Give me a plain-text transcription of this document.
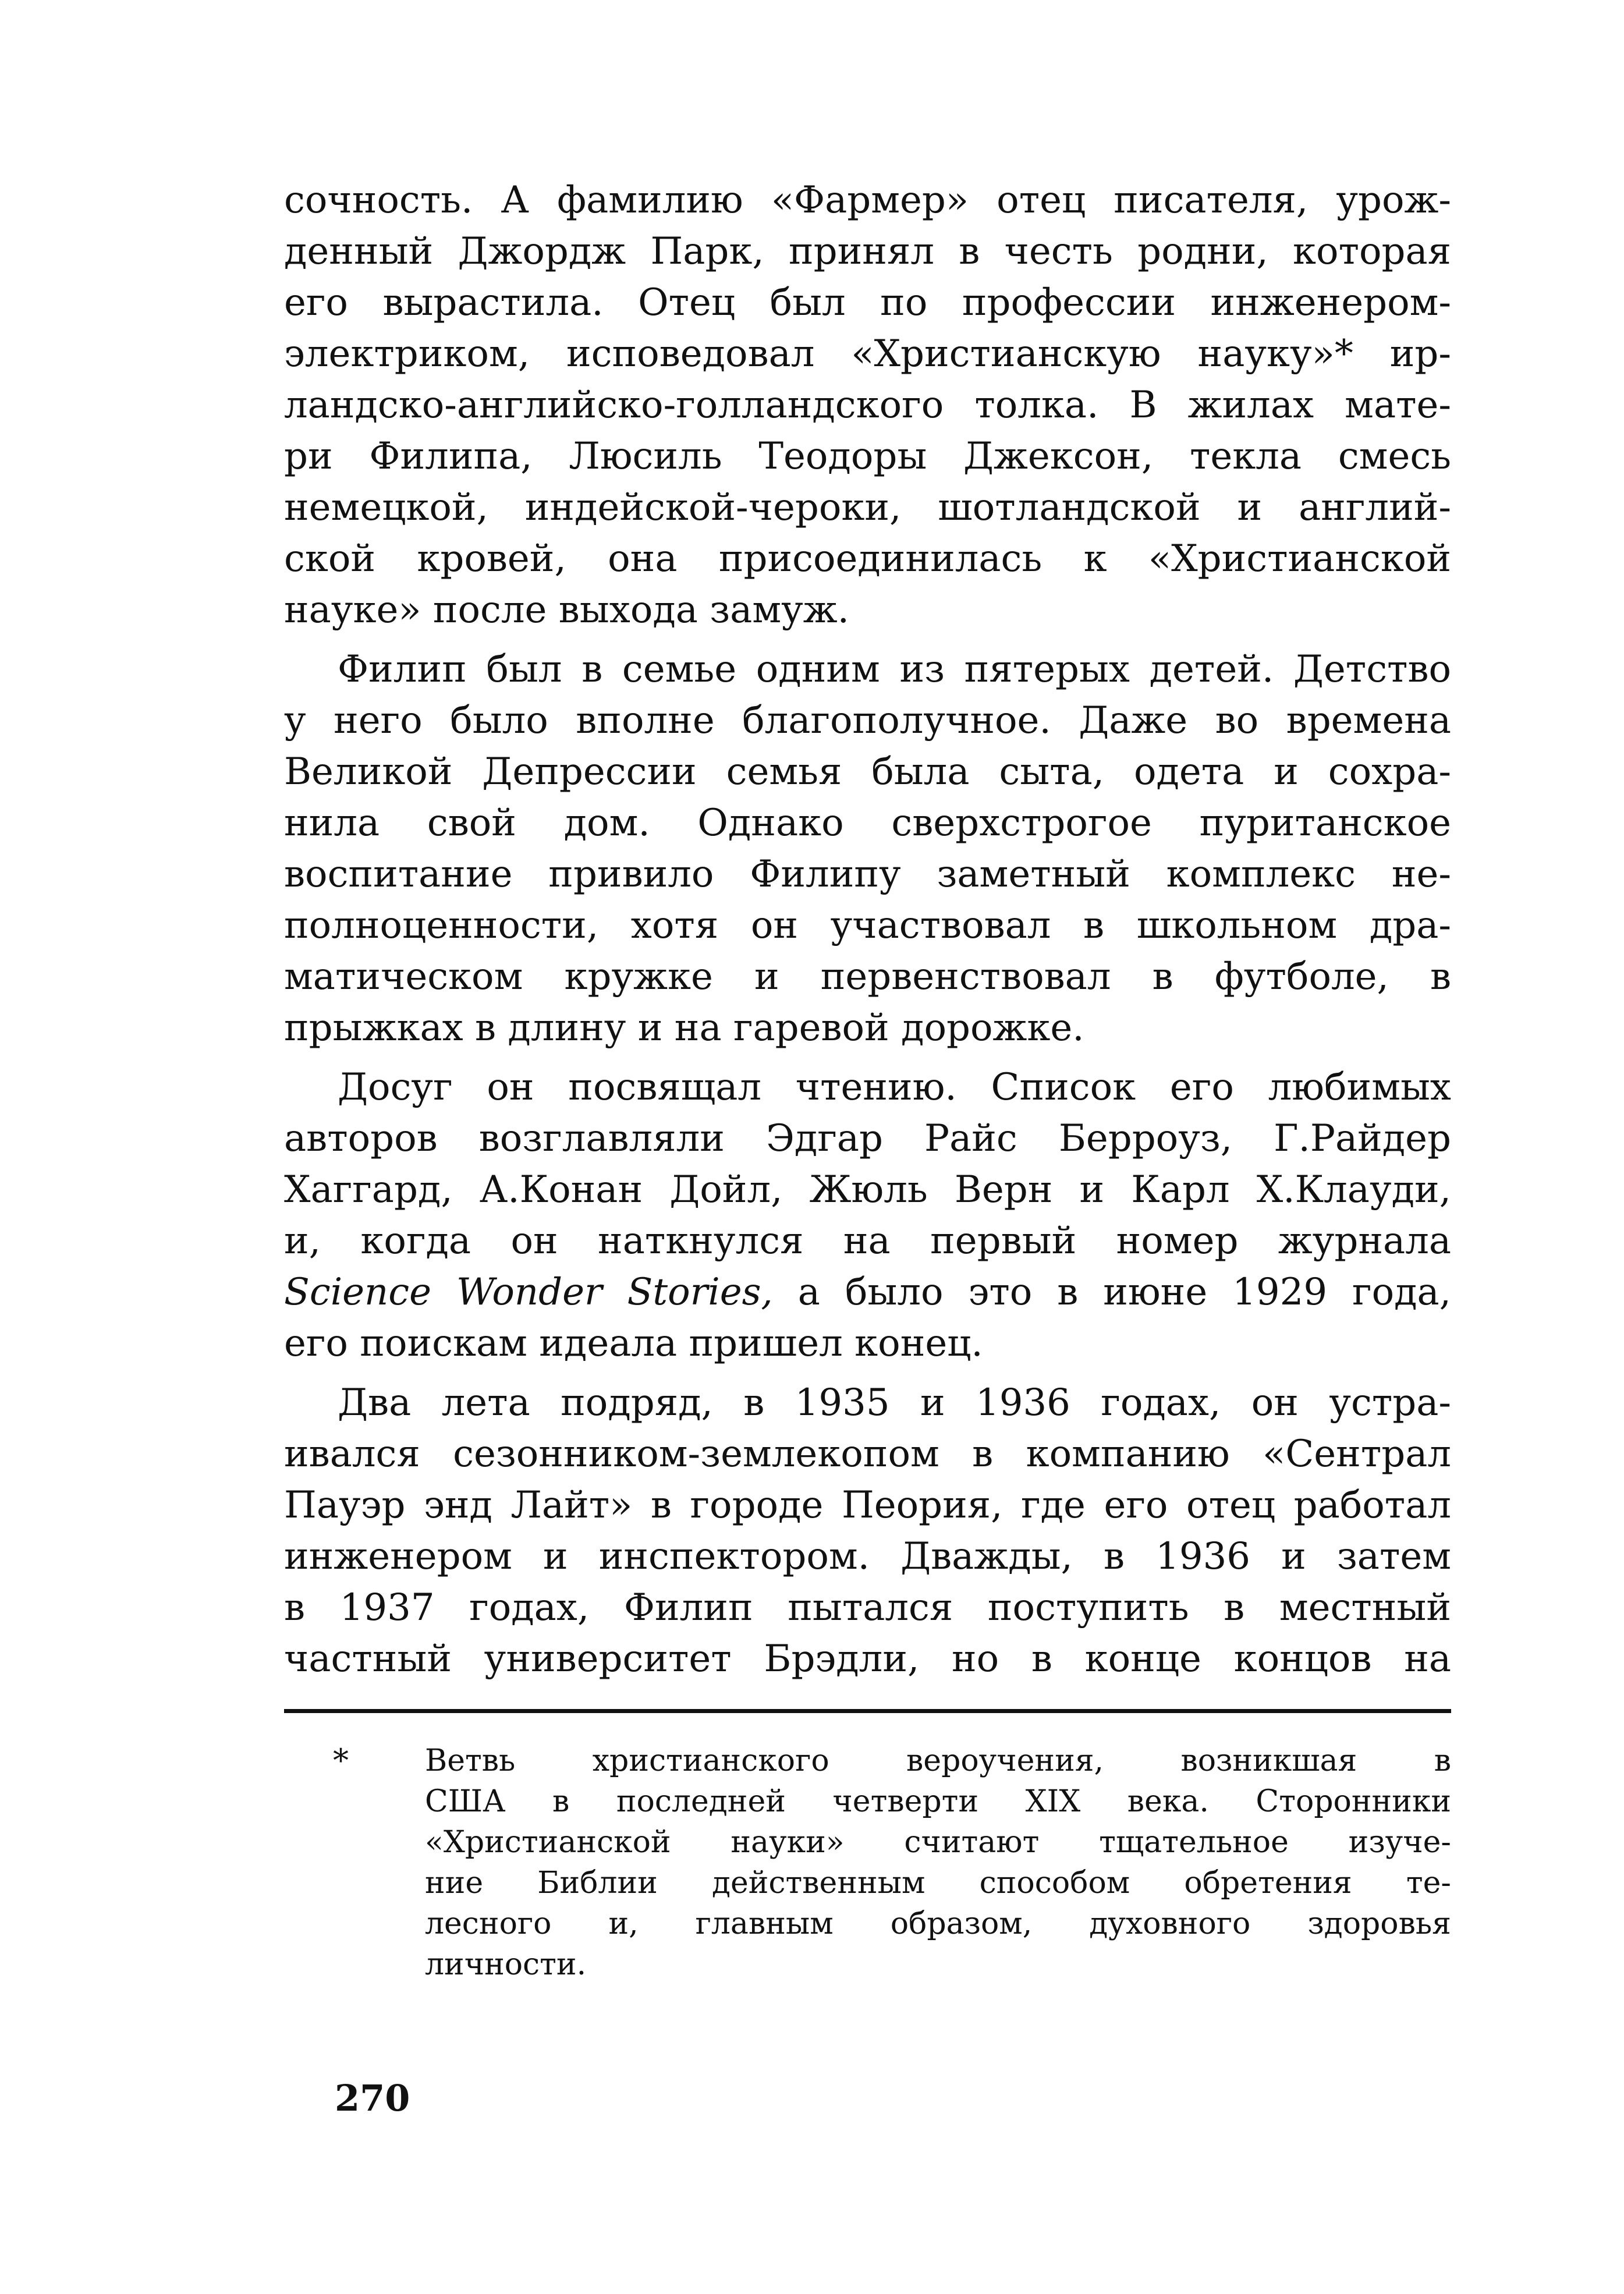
сочность. А фамилию «Фармер» отец писателя, урож-
денный Джордж Парк, принял в честь родни, которая
его вырастила. Отец был по профессии инженером-
электриком, исповедовал «Христианскую науку»* ир-
ландско-английско-голландского толка. В жилах мате-
ри Филипа, Люсиль Теодоры Джексон, текла смесь
немецкой, индейской-чероки, шотландской и англий-
ской кровей, она присоединилась к «Христианской
науке» после выхода замуж.
Филип был в семье одним из пятерых детей. Детство
у него было вполне благополучное. Даже во времена
Великой Депрессии семья была сыта, одета и сохра-
нила свой дом. Однако сверхстрогое пуританское
воспитание привило Филипу заметный комплекс не-
полноценности, хотя он участвовал в школьном дра-
матическом кружке и первенствовал в футболе, в
прыжках в длину и на гаревой дорожке.
Досуг он посвящал чтению. Список его любимых
авторов возглавляли Эдгар Райс Берроуз, Г.Райдер
Хаггард, А.Конан Дойл, Жюль Верн и Карл Х.Клауди,
и, когда он наткнулся на первый номер журнала
Science Wonder Stories, а было это в июне 1929 года,
его поискам идеала пришел конец.
Два лета подряд, в 1935 и 1936 годах, он устра-
ивался сезонником-землекопом в компанию «Сентрал
Пауэр энд Лайт» в городе Пеория, где его отец работал
инженером и инспектором. Дважды, в 1936 и затем
в 1937 годах, Филип пытался поступить в местный
частный университет Брэдли, но в конце концов на
*	Ветвь христианского вероучения, возникшая в
США в последней четверти XIX века. Сторонники
«Христианской науки» считают тщательное изуче-
ние Библии действенным способом обретения те-
лесного и, главным образом, духовного здоровья
личности.
270
